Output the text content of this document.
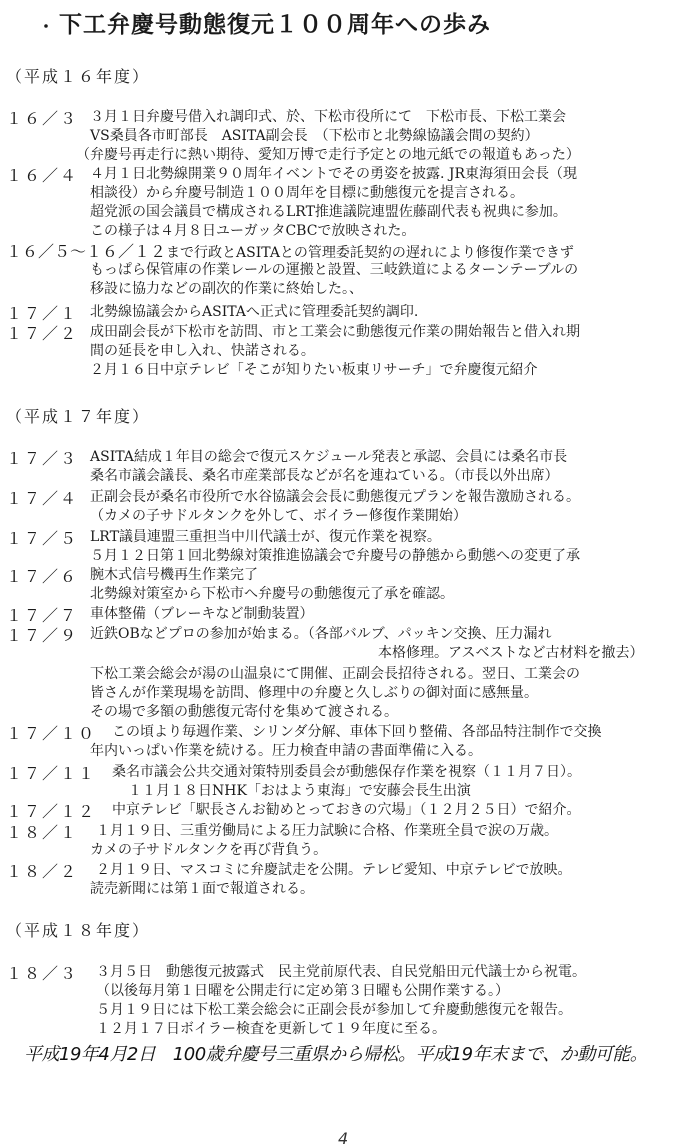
・ 下工弁慶号動態復元１００周年への歩み
（平成１６年度）
１６／３ ３月１日弁慶号借入れ調印式、於、下松市役所にて　下松市長、下松工業会
VS桑員各市町部長　ASITA副会長　（下松市と北勢線協議会間の契約）
（弁慶号再走行に熱い期待、愛知万博で走行予定との地元紙での報道もあった）
１６／４ ４月１日北勢線開業９０周年イベントでその勇姿を披露. JR東海須田会長（現
相談役）から弁慶号制造１００周年を目標に動態復元を提言される。
超党派の国会議員で構成されるLRT推進議院連盟佐藤副代表も祝典に参加。
この様子は４月８日ユーガッタCBCで放映された。
１６／５〜１６／１２まで行政とASITAとの管理委託契約の遅れにより修復作業できず
もっぱら保管庫の作業レールの運搬と設置、三岐鉄道によるターンテーブルの
移設に協力などの副次的作業に終始した。、
１７／１ 北勢線協議会からASITAへ正式に管理委託契約調印.
１７／２ 成田副会長が下松市を訪問、市と工業会に動態復元作業の開始報告と借入れ期
間の延長を申し入れ、快諾される。
２月１６日中京テレビ「そこが知りたい板東リサーチ」で弁慶復元紹介
（平成１７年度）
１７／３ ASITA結成１年目の総会で復元スケジュール発表と承認、会員には桑名市長
桑名市議会議長、桑名市産業部長などが名を連ねている。（市長以外出席）
１７／４ 正副会長が桑名市役所で水谷協議会会長に動態復元プランを報告激励される。
（カメの子サドルタンクを外して、ボイラー修復作業開始）
１７／５ LRT議員連盟三重担当中川代議士が、復元作業を視察。
５月１２日第１回北勢線対策推進協議会で弁慶号の静態から動態への変更了承
１７／６ 腕木式信号機再生作業完了
北勢線対策室から下松市へ弁慶号の動態復元了承を確認。
１７／７ 車体整備（ブレーキなど制動装置）
１７／９ 近鉄OBなどプロの参加が始まる。（各部バルブ、パッキン交換、圧力漏れ
本格修理。アスベストなど古材料を撤去）
下松工業会総会が湯の山温泉にて開催、正副会長招待される。翌日、工業会の
皆さんが作業現場を訪問、修理中の弁慶と久しぶりの御対面に感無量。
その場で多額の動態復元寄付を集めて渡される。
１７／１０ この頃より毎週作業、シリンダ分解、車体下回り整備、各部品特注制作で交換
年内いっぱい作業を続ける。圧力検査申請の書面準備に入る。
１７／１１ 桑名市議会公共交通対策特別委員会が動態保存作業を視察（１１月７日）。
１１月１８日NHK「おはよう東海」で安藤会長生出演
１７／１２ 中京テレビ「駅長さんお勧めとっておきの穴場」（１２月２５日）で紹介。
１８／１ １月１９日、三重労働局による圧力試験に合格、作業班全員で涙の万歳。
カメの子サドルタンクを再び背負う。
１８／２ ２月１９日、マスコミに弁慶試走を公開。テレビ愛知、中京テレビで放映。
読売新聞には第１面で報道される。
（平成１８年度）
１８／３ ３月５日　動態復元披露式　民主党前原代表、自民党船田元代議士から祝電。
（以後毎月第１日曜を公開走行に定め第３日曜も公開作業する。）
５月１９日には下松工業会総会に正副会長が参加して弁慶動態復元を報告。
１２月１７日ボイラー検査を更新して１９年度に至る。
平成19年4月2日　100歳弁慶号三重県から帰松。平成19年末まで、か動可能。
4
